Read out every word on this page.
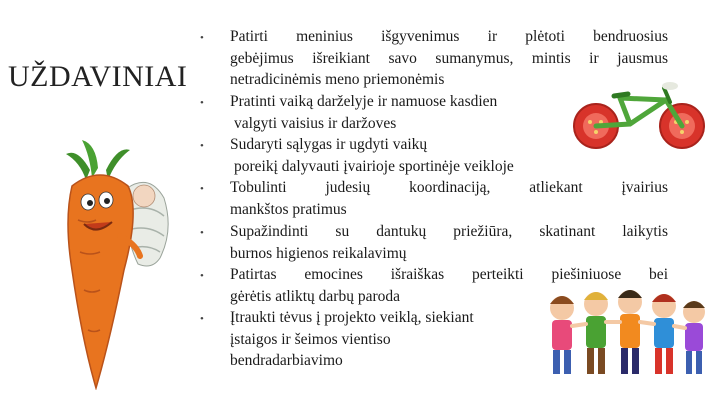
UŽDAVINIAI
•	Patirti meninius išgyvenimus ir plėtoti bendruosius
gebėjimus išreikiant savo sumanymus, mintis ir jausmus
netradicinėmis meno priemonėmis
•	Pratinti vaiką darželyje ir namuose kasdien
valgyti vaisius ir daržoves
•	Sudaryti sąlygas ir ugdyti vaikų
poreikį dalyvauti įvairioje sportinėje veikloje
•	Tobulinti judesių koordinaciją, atliekant įvairius
mankštos pratimus
•	Supažindinti su dantukų priežiūra, skatinant laikytis
burnos higienos reikalavimų
•	Patirtas emocines išraiškas perteikti piešiniuose bei
gėrėtis atliktų darbų paroda
•	Įtraukti tėvus į projekto veiklą, siekiant
įstaigos ir šeimos vientiso
bendradarbiavimo
